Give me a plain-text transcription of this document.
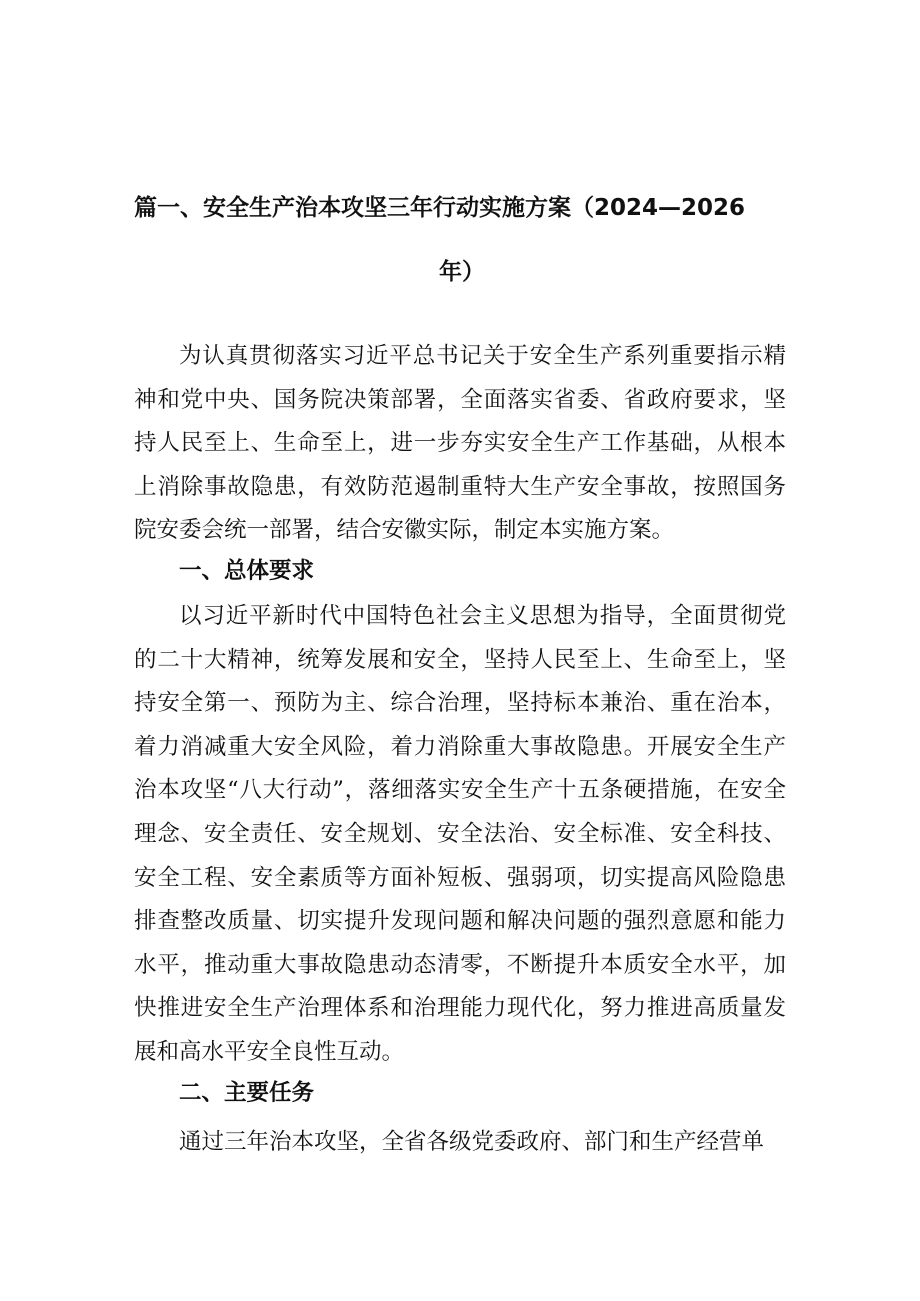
篇一、安全生产治本攻坚三年行动实施方案（2024—2026
年）

为认真贯彻落实习近平总书记关于安全生产系列重要指示精神和党中央、国务院决策部署，全面落实省委、省政府要求，坚持人民至上、生命至上，进一步夯实安全生产工作基础，从根本上消除事故隐患，有效防范遏制重特大生产安全事故，按照国务院安委会统一部署，结合安徽实际，制定本实施方案。

一、总体要求

以习近平新时代中国特色社会主义思想为指导，全面贯彻党的二十大精神，统筹发展和安全，坚持人民至上、生命至上，坚持安全第一、预防为主、综合治理，坚持标本兼治、重在治本，着力消减重大安全风险，着力消除重大事故隐患。开展安全生产治本攻坚“八大行动”，落细落实安全生产十五条硬措施，在安全理念、安全责任、安全规划、安全法治、安全标准、安全科技、安全工程、安全素质等方面补短板、强弱项，切实提高风险隐患排查整改质量、切实提升发现问题和解决问题的强烈意愿和能力水平，推动重大事故隐患动态清零，不断提升本质安全水平，加快推进安全生产治理体系和治理能力现代化，努力推进高质量发展和高水平安全良性互动。

二、主要任务

通过三年治本攻坚，全省各级党委政府、部门和生产经营单
